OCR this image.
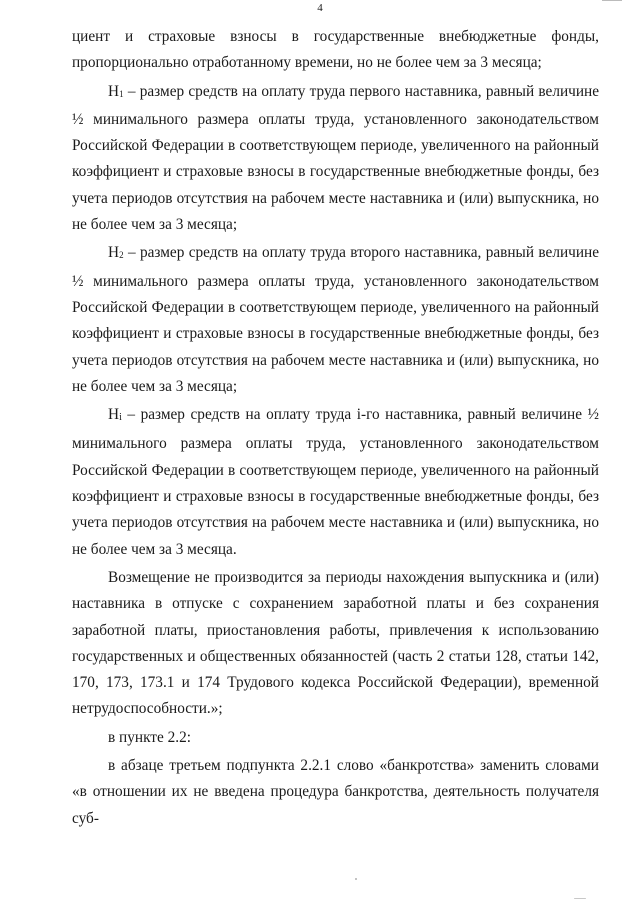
4

циент и страховые взносы в государственные внебюджетные фонды, пропорционально отработанному времени, но не более чем за 3 месяца;

Н1 – размер средств на оплату труда первого наставника, равный величине ½ минимального размера оплаты труда, установленного законодательством Российской Федерации в соответствующем периоде, увеличенного на районный коэффициент и страховые взносы в государственные внебюджетные фонды, без учета периодов отсутствия на рабочем месте наставника и (или) выпускника, но не более чем за 3 месяца;

Н2 – размер средств на оплату труда второго наставника, равный величине ½ минимального размера оплаты труда, установленного законодательством Российской Федерации в соответствующем периоде, увеличенного на районный коэффициент и страховые взносы в государственные внебюджетные фонды, без учета периодов отсутствия на рабочем месте наставника и (или) выпускника, но не более чем за 3 месяца;

Нi – размер средств на оплату труда i-го наставника, равный величине ½ минимального размера оплаты труда, установленного законодательством Российской Федерации в соответствующем периоде, увеличенного на районный коэффициент и страховые взносы в государственные внебюджетные фонды, без учета периодов отсутствия на рабочем месте наставника и (или) выпускника, но не более чем за 3 месяца.

Возмещение не производится за периоды нахождения выпускника и (или) наставника в отпуске с сохранением заработной платы и без сохранения заработной платы, приостановления работы, привлечения к использованию государственных и общественных обязанностей (часть 2 статьи 128, статьи 142, 170, 173, 173.1 и 174 Трудового кодекса Российской Федерации), временной нетрудоспособности.»;

в пункте 2.2:

в абзаце третьем подпункта 2.2.1 слово «банкротства» заменить словами «в отношении их не введена процедура банкротства, деятельность получателя суб-
